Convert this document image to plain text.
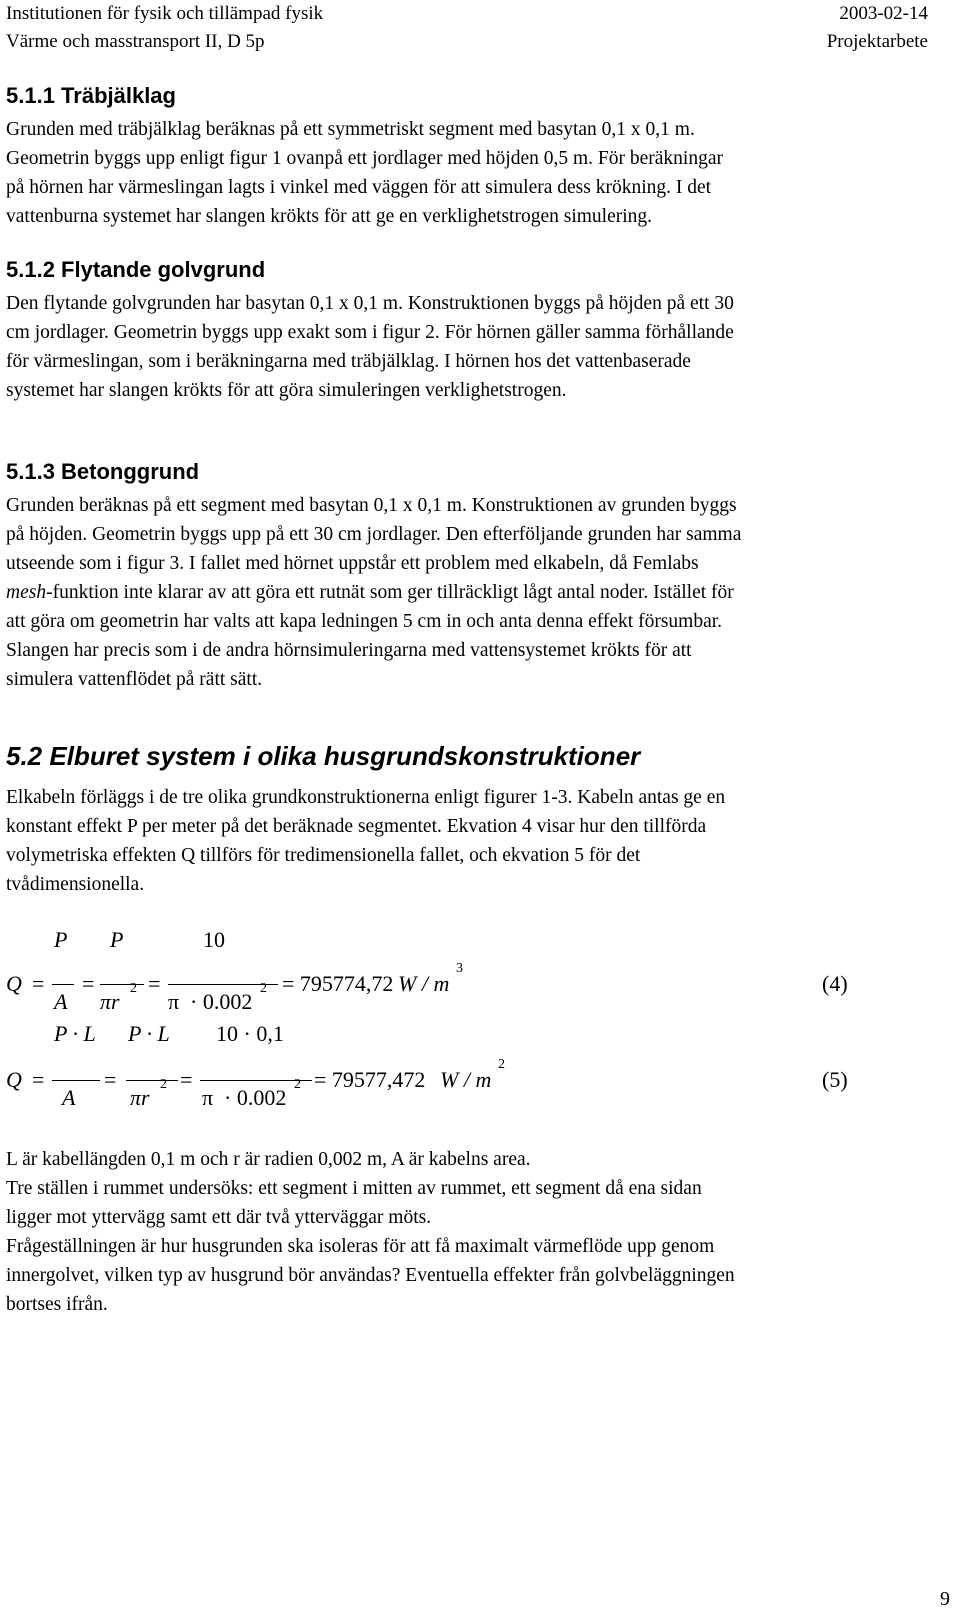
Institutionen för fysik och tillämpad fysik	2003-02-14
Värme och masstransport II, D 5p	Projektarbete
5.1.1 Träbjälklag
Grunden med träbjälklag beräknas på ett symmetriskt segment med basytan 0,1 x 0,1 m.
Geometrin byggs upp enligt figur 1 ovanpå ett jordlager med höjden 0,5 m. För beräkningar
på hörnen har värmeslingan lagts i vinkel med väggen för att simulera dess krökning. I det
vattenburna systemet har slangen krökts för att ge en verklighetstrogen simulering.
5.1.2 Flytande golvgrund
Den flytande golvgrunden har basytan 0,1 x 0,1 m. Konstruktionen byggs på höjden på ett 30
cm jordlager. Geometrin byggs upp exakt som i figur 2. För hörnen gäller samma förhållande
för värmeslingan, som i beräkningarna med träbjälklag. I hörnen hos det vattenbaserade
systemet har slangen krökts för att göra simuleringen verklighetstrogen.
5.1.3 Betonggrund
Grunden beräknas på ett segment med basytan 0,1 x 0,1 m. Konstruktionen av grunden byggs
på höjden. Geometrin byggs upp på ett 30 cm jordlager. Den efterföljande grunden har samma
utseende som i figur 3. I fallet med hörnet uppstår ett problem med elkabeln, då Femlabs
mesh-funktion inte klarar av att göra ett rutnät som ger tillräckligt lågt antal noder. Istället för
att göra om geometrin har valts att kapa ledningen 5 cm in och anta denna effekt försumbar.
Slangen har precis som i de andra hörnsimuleringarna med vattensystemet krökts för att
simulera vattenflödet på rätt sätt.
5.2 Elburet system i olika husgrundskonstruktioner
Elkabeln förläggs i de tre olika grundkonstruktionerna enligt figurer 1-3. Kabeln antas ge en
konstant effekt P per meter på det beräknade segmentet. Ekvation 4 visar hur den tillförda
volymetriska effekten Q tillförs för tredimensionella fallet, och ekvation 5 för det
tvådimensionella.
Q =
P
A
=
P
πr
2 =
10
π · 0.002
2 = 795774,72 W / m
3
(4)
Q =
P · L
A
=
P · L
πr
2 =
10 · 0,1
π · 0.002
2 = 79577,472 W / m
2
(5)
L är kabellängden 0,1 m och r är radien 0,002 m, A är kabelns area.
Tre ställen i rummet undersöks: ett segment i mitten av rummet, ett segment då ena sidan
ligger mot yttervägg samt ett där två ytterväggar möts.
Frågeställningen är hur husgrunden ska isoleras för att få maximalt värmeflöde upp genom
innergolvet, vilken typ av husgrund bör användas? Eventuella effekter från golvbeläggningen
bortses ifrån.
9
